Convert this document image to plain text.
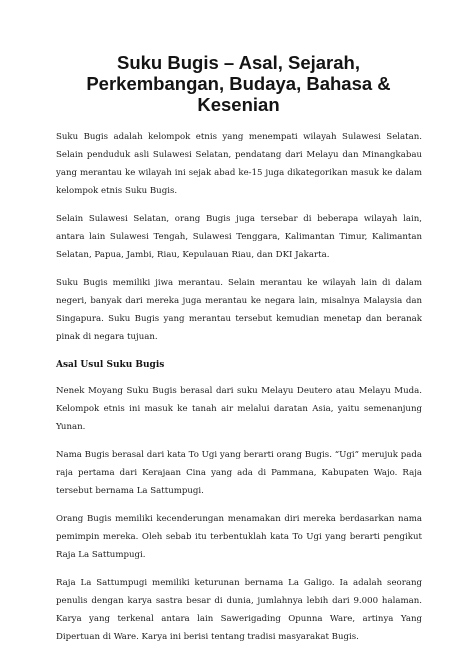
Suku Bugis – Asal, Sejarah,
Perkembangan, Budaya, Bahasa &
Kesenian

Suku Bugis adalah kelompok etnis yang menempati wilayah Sulawesi Selatan. Selain penduduk asli Sulawesi Selatan, pendatang dari Melayu dan Minangkabau yang merantau ke wilayah ini sejak abad ke-15 juga dikategorikan masuk ke dalam kelompok etnis Suku Bugis.

Selain Sulawesi Selatan, orang Bugis juga tersebar di beberapa wilayah lain, antara lain Sulawesi Tengah, Sulawesi Tenggara, Kalimantan Timur, Kalimantan Selatan, Papua, Jambi, Riau, Kepulauan Riau, dan DKI Jakarta.

Suku Bugis memiliki jiwa merantau. Selain merantau ke wilayah lain di dalam negeri, banyak dari mereka juga merantau ke negara lain, misalnya Malaysia dan Singapura. Suku Bugis yang merantau tersebut kemudian menetap dan beranak pinak di negara tujuan.

Asal Usul Suku Bugis

Nenek Moyang Suku Bugis berasal dari suku Melayu Deutero atau Melayu Muda. Kelompok etnis ini masuk ke tanah air melalui daratan Asia, yaitu semenanjung Yunan.

Nama Bugis berasal dari kata To Ugi yang berarti orang Bugis. “Ugi” merujuk pada raja pertama dari Kerajaan Cina yang ada di Pammana, Kabupaten Wajo. Raja tersebut bernama La Sattumpugi.

Orang Bugis memiliki kecenderungan menamakan diri mereka berdasarkan nama pemimpin mereka. Oleh sebab itu terbentuklah kata To Ugi yang berarti pengikut Raja La Sattumpugi.

Raja La Sattumpugi memiliki keturunan bernama La Galigo. Ia adalah seorang penulis dengan karya sastra besar di dunia, jumlahnya lebih dari 9.000 halaman. Karya yang terkenal antara lain Sawerigading Opunna Ware, artinya Yang Dipertuan di Ware. Karya ini berisi tentang tradisi masyarakat Bugis.
